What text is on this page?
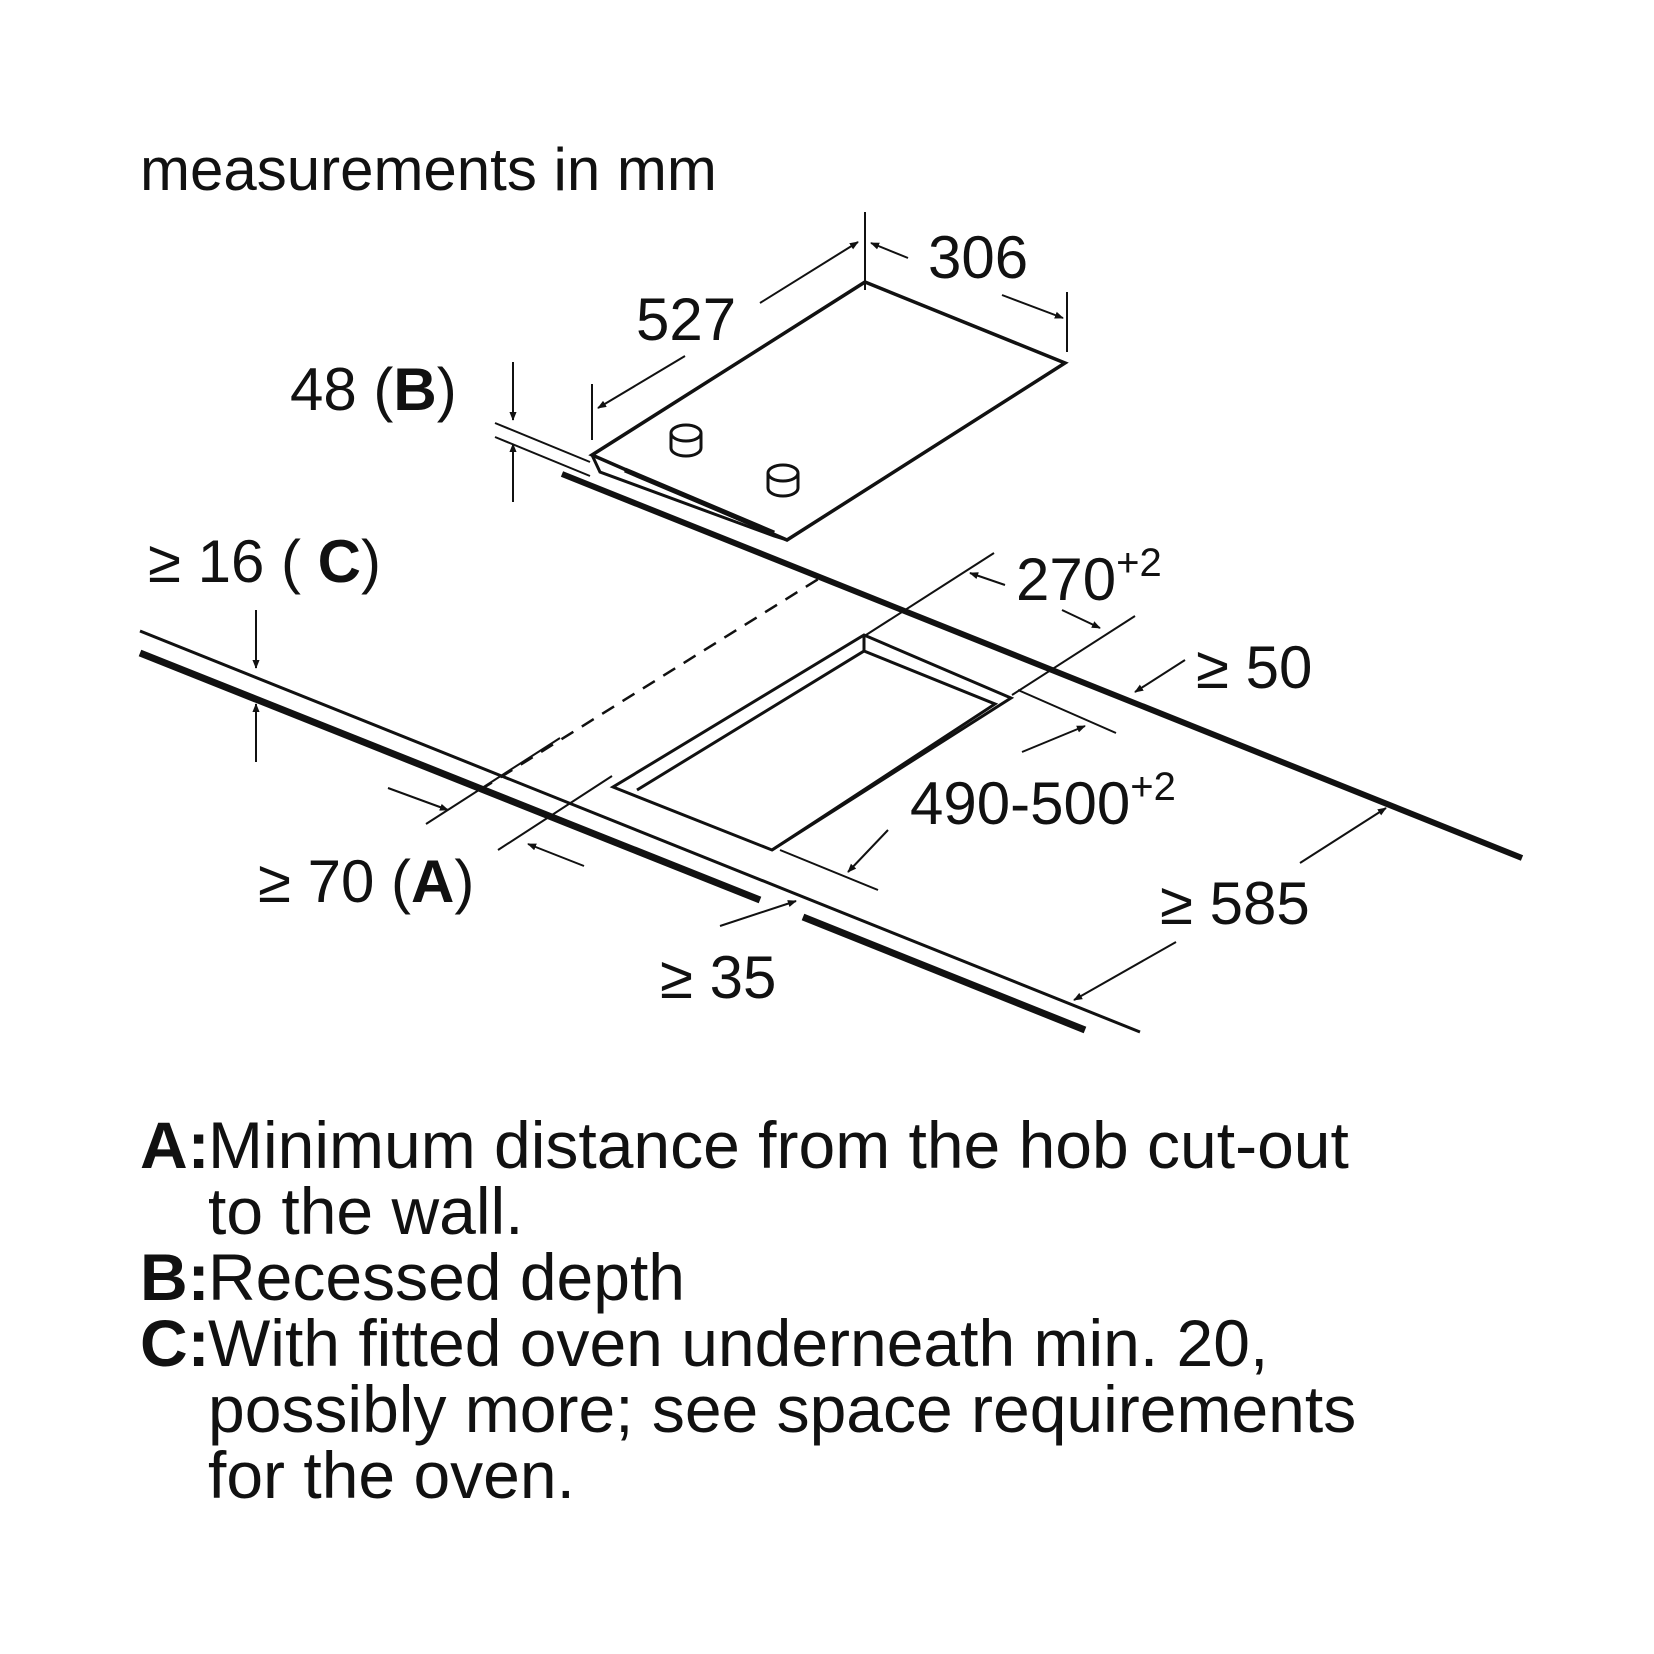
measurements in mm
306
527
48 (B)
≥ 16 ( C)	$270^{+2}$
≥ 50
$490-500^{+2}$
≥ 70 (A)
≥ 35
≥ 585
A:
Minimum distance from the hob cut-out
to the wall.
B:
Recessed depth
C:
With fitted oven underneath min. 20,
possibly more; see space requirements
for the oven.
